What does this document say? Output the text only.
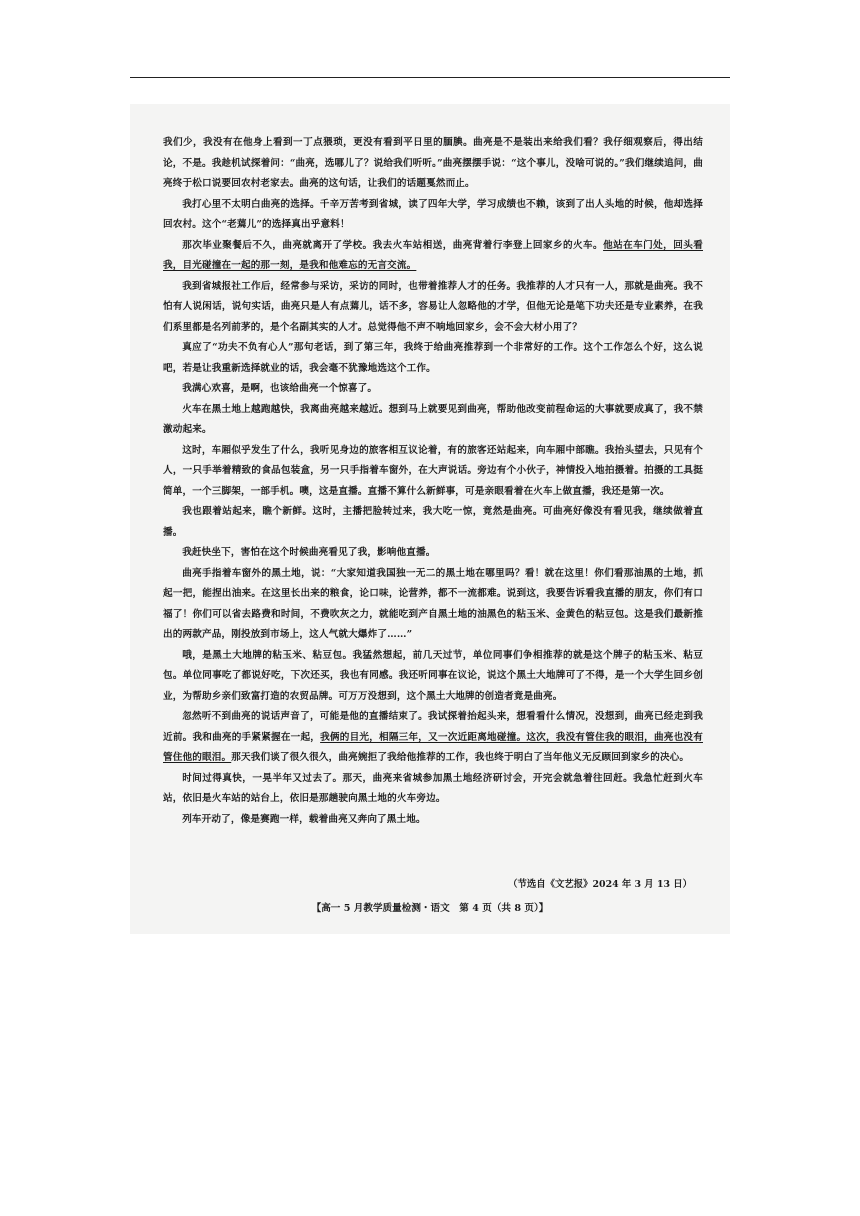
我们少，我没有在他身上看到一丁点猥琐，更没有看到平日里的腼腆。曲亮是不是装出来给我们看？我仔细观察后，得出结论，不是。我趁机试探着问：“曲亮，选哪儿了？说给我们听听。”曲亮摆摆手说：“这个事儿，没啥可说的。”我们继续追问，曲亮终于松口说要回农村老家去。曲亮的这句话，让我们的话题戛然而止。

我打心里不太明白曲亮的选择。千辛万苦考到省城，读了四年大学，学习成绩也不赖，该到了出人头地的时候，他却选择回农村。这个“老蔫儿”的选择真出乎意料！

那次毕业聚餐后不久，曲亮就离开了学校。我去火车站相送，曲亮背着行李登上回家乡的火车。他站在车门处，回头看我，目光碰撞在一起的那一刻，是我和他难忘的无言交流。

我到省城报社工作后，经常参与采访，采访的同时，也带着推荐人才的任务。我推荐的人才只有一人，那就是曲亮。我不怕有人说闲话，说句实话，曲亮只是人有点蔫儿，话不多，容易让人忽略他的才学，但他无论是笔下功夫还是专业素养，在我们系里都是名列前茅的，是个名副其实的人才。总觉得他不声不响地回家乡，会不会大材小用了？

真应了“功夫不负有心人”那句老话，到了第三年，我终于给曲亮推荐到一个非常好的工作。这个工作怎么个好，这么说吧，若是让我重新选择就业的话，我会毫不犹豫地选这个工作。

我满心欢喜，是啊，也该给曲亮一个惊喜了。

火车在黑土地上越跑越快，我离曲亮越来越近。想到马上就要见到曲亮，帮助他改变前程命运的大事就要成真了，我不禁激动起来。

这时，车厢似乎发生了什么，我听见身边的旅客相互议论着，有的旅客还站起来，向车厢中部瞧。我抬头望去，只见有个人，一只手举着精致的食品包装盒，另一只手指着车窗外，在大声说话。旁边有个小伙子，神情投入地拍摄着。拍摄的工具挺简单，一个三脚架，一部手机。噢，这是直播。直播不算什么新鲜事，可是亲眼看着在火车上做直播，我还是第一次。

我也跟着站起来，瞧个新鲜。这时，主播把脸转过来，我大吃一惊，竟然是曲亮。可曲亮好像没有看见我，继续做着直播。

我赶快坐下，害怕在这个时候曲亮看见了我，影响他直播。

曲亮手指着车窗外的黑土地，说：“大家知道我国独一无二的黑土地在哪里吗？看！就在这里！你们看那油黑的土地，抓起一把，能捏出油来。在这里长出来的粮食，论口味，论营养，都不一流都难。说到这，我要告诉看我直播的朋友，你们有口福了！你们可以省去路费和时间，不费吹灰之力，就能吃到产自黑土地的油黑色的粘玉米、金黄色的粘豆包。这是我们最新推出的两款产品，刚投放到市场上，这人气就大爆炸了……”

哦，是黑土大地牌的粘玉米、粘豆包。我猛然想起，前几天过节，单位同事们争相推荐的就是这个牌子的粘玉米、粘豆包。单位同事吃了都说好吃，下次还买，我也有同感。我还听同事在议论，说这个黑土大地牌可了不得，是一个大学生回乡创业，为帮助乡亲们致富打造的农贸品牌。可万万没想到，这个黑土大地牌的创造者竟是曲亮。

忽然听不到曲亮的说话声音了，可能是他的直播结束了。我试探着抬起头来，想看看什么情况，没想到，曲亮已经走到我近前。我和曲亮的手紧紧握在一起，我俩的目光，相隔三年，又一次近距离地碰撞。这次，我没有管住我的眼泪，曲亮也没有管住他的眼泪。那天我们谈了很久很久，曲亮婉拒了我给他推荐的工作，我也终于明白了当年他义无反顾回到家乡的决心。

时间过得真快，一晃半年又过去了。那天，曲亮来省城参加黑土地经济研讨会，开完会就急着往回赶。我急忙赶到火车站，依旧是火车站的站台上，依旧是那趟驶向黑土地的火车旁边。

列车开动了，像是赛跑一样，载着曲亮又奔向了黑土地。

（节选自《文艺报》2024 年 3 月 13 日）
【高一 5 月教学质量检测・语文　第 4 页（共 8 页）】
